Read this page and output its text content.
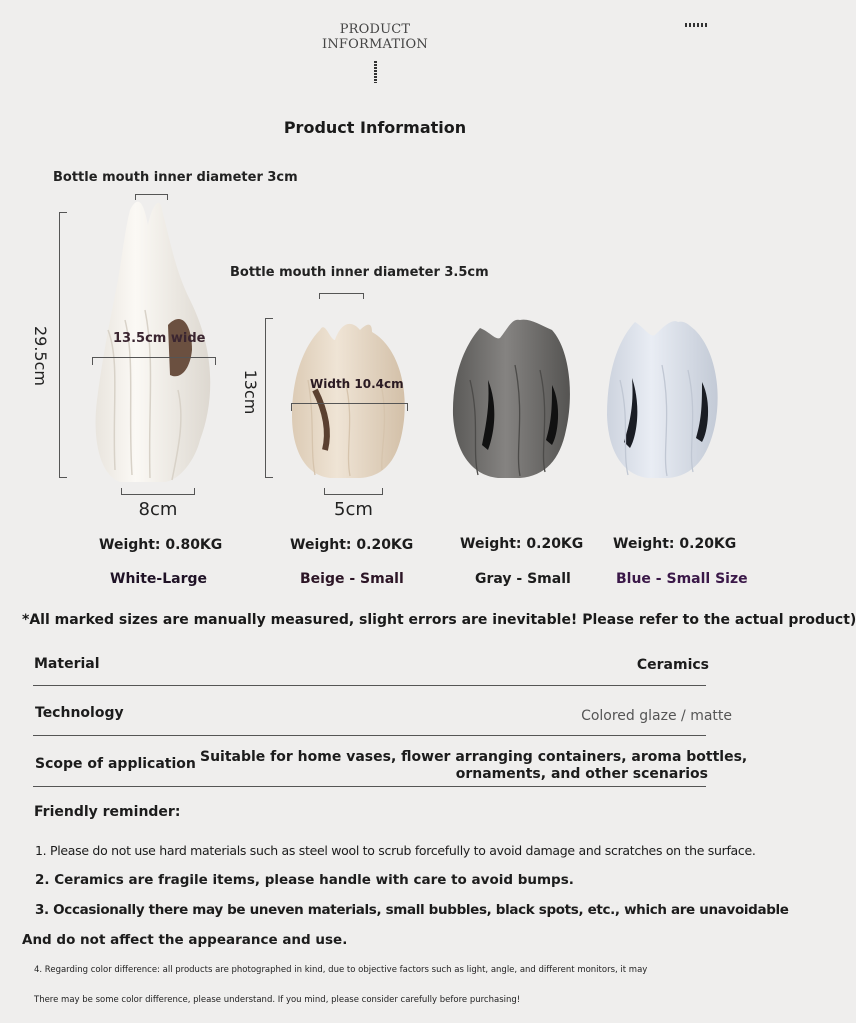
PRODUCT
INFORMATION
Product Information
Bottle mouth inner diameter 3cm
29.5cm	13.5cm wide
8cm
Bottle mouth inner diameter 3.5cm
13cm	Width 10.4cm
5cm
Weight: 0.80KG	Weight: 0.20KG	Weight: 0.20KG Weight: 0.20KG
White-Large	Beige - Small	Gray - Small	Blue - Small Size
*All marked sizes are manually measured, slight errors are inevitable! Please refer to the actual product)
Material	Ceramics
Technology	Colored glaze / matte
Scope of application Suitable for home vases, flower arranging containers, aroma bottles,
ornaments, and other scenarios
Friendly reminder:
1. Please do not use hard materials such as steel wool to scrub forcefully to avoid damage and scratches on the surface.
2. Ceramics are fragile items, please handle with care to avoid bumps.
3. Occasionally there may be uneven materials, small bubbles, black spots, etc., which are unavoidable
And do not affect the appearance and use.
4. Regarding color difference: all products are photographed in kind, due to objective factors such as light, angle, and different monitors, it may
There may be some color difference, please understand. If you mind, please consider carefully before purchasing!
